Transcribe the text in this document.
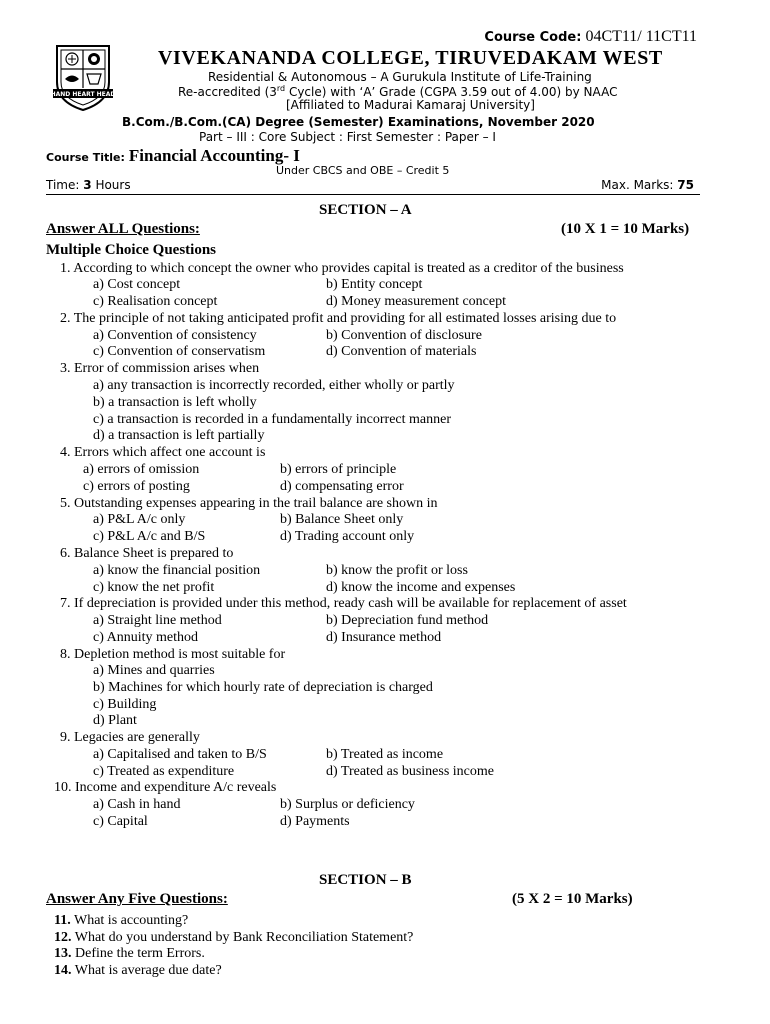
HAND HEART HEAD
Course Code: 04CT11/ 11CT11
VIVEKANANDA COLLEGE, TIRUVEDAKAM WEST
Residential & Autonomous – A Gurukula Institute of Life-Training
Re-accredited (3rd Cycle) with ‘A’ Grade (CGPA 3.59 out of 4.00) by NAAC
[Affiliated to Madurai Kamaraj University]
B.Com./B.Com.(CA) Degree (Semester) Examinations, November 2020
Part – III : Core Subject : First Semester : Paper – I
Course Title: Financial Accounting- I
Under CBCS and OBE – Credit 5
Time: 3 Hours	Max. Marks: 75
SECTION – A
Answer ALL Questions:	(10 X 1 = 10 Marks)
Multiple Choice Questions
1. According to which concept the owner who provides capital is treated as a creditor of the business
a) Cost concept	b) Entity concept
c) Realisation concept	d) Money measurement concept
2. The principle of not taking anticipated profit and providing for all estimated losses arising due to
a) Convention of consistency	b) Convention of disclosure
c) Convention of conservatism	d) Convention of materials
3. Error of commission arises when
a) any transaction is incorrectly recorded, either wholly or partly
b) a transaction is left wholly
c) a transaction is recorded in a fundamentally incorrect manner
d) a transaction is left partially
4. Errors which affect one account is
a) errors of omission	b) errors of principle
c) errors of posting	d) compensating error
5. Outstanding expenses appearing in the trail balance are shown in
a) P&L A/c only	b) Balance Sheet only
c) P&L A/c and B/S	d) Trading account only
6. Balance Sheet is prepared to
a) know the financial position	b) know the profit or loss
c) know the net profit	d) know the income and expenses
7. If depreciation is provided under this method, ready cash will be available for replacement of asset
a) Straight line method	b) Depreciation fund method
c) Annuity method	d) Insurance method
8. Depletion method is most suitable for
a) Mines and quarries
b) Machines for which hourly rate of depreciation is charged
c) Building
d) Plant
9. Legacies are generally
a) Capitalised and taken to B/S	b) Treated as income
c) Treated as expenditure	d) Treated as business income
10. Income and expenditure A/c reveals
a) Cash in hand	b) Surplus or deficiency
c) Capital	d) Payments
SECTION – B
Answer Any Five Questions:	(5 X 2 = 10 Marks)
11. What is accounting?
12. What do you understand by Bank Reconciliation Statement?
13. Define the term Errors.
14. What is average due date?
